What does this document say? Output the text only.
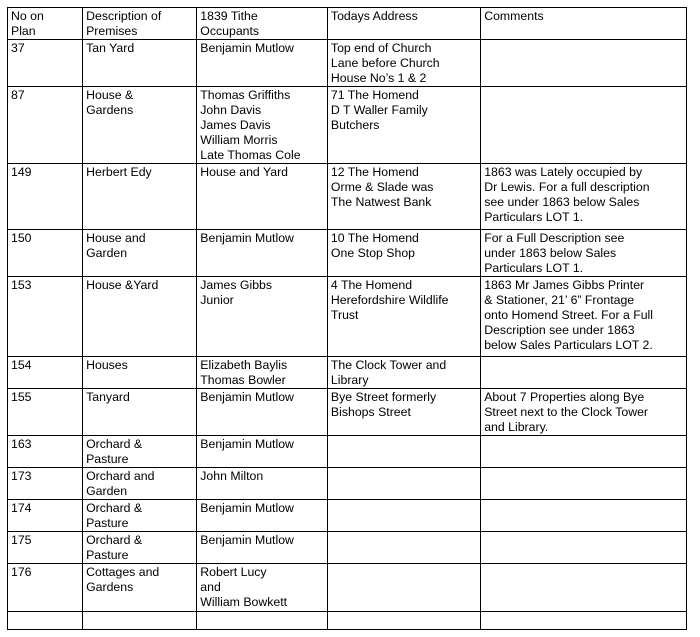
No on
Plan	Description of
Premises	1839 Tithe
Occupants	Todays Address	Comments

37	Tan Yard	Benjamin Mutlow	Top end of Church
Lane before Church
House No’s 1 & 2	

87	House &
Gardens	Thomas Griffiths
John Davis
James Davis
William Morris
Late Thomas Cole	71 The Homend
D T Waller Family
Butchers	

149	Herbert Edy	House and Yard	12 The Homend
Orme & Slade was
The Natwest Bank	1863 was Lately occupied by
Dr Lewis. For a full description
see under 1863 below Sales
Particulars LOT 1.

150	House and
Garden	Benjamin Mutlow	10 The Homend
One Stop Shop	For a Full Description see
under 1863 below Sales
Particulars LOT 1.

153	House &Yard	James Gibbs
Junior	4 The Homend
Herefordshire Wildlife
Trust	1863 Mr James Gibbs Printer
& Stationer, 21’ 6” Frontage
onto Homend Street. For a Full
Description see under 1863
below Sales Particulars LOT 2.

154	Houses	Elizabeth Baylis
Thomas Bowler	The Clock Tower and
Library	

155	Tanyard	Benjamin Mutlow	Bye Street formerly
Bishops Street	About 7 Properties along Bye
Street next to the Clock Tower
and Library.

163	Orchard &
Pasture	Benjamin Mutlow		

173	Orchard and
Garden	John Milton		

174	Orchard &
Pasture	Benjamin Mutlow		

175	Orchard &
Pasture	Benjamin Mutlow		

176	Cottages and
Gardens	Robert Lucy
and
William Bowkett		
